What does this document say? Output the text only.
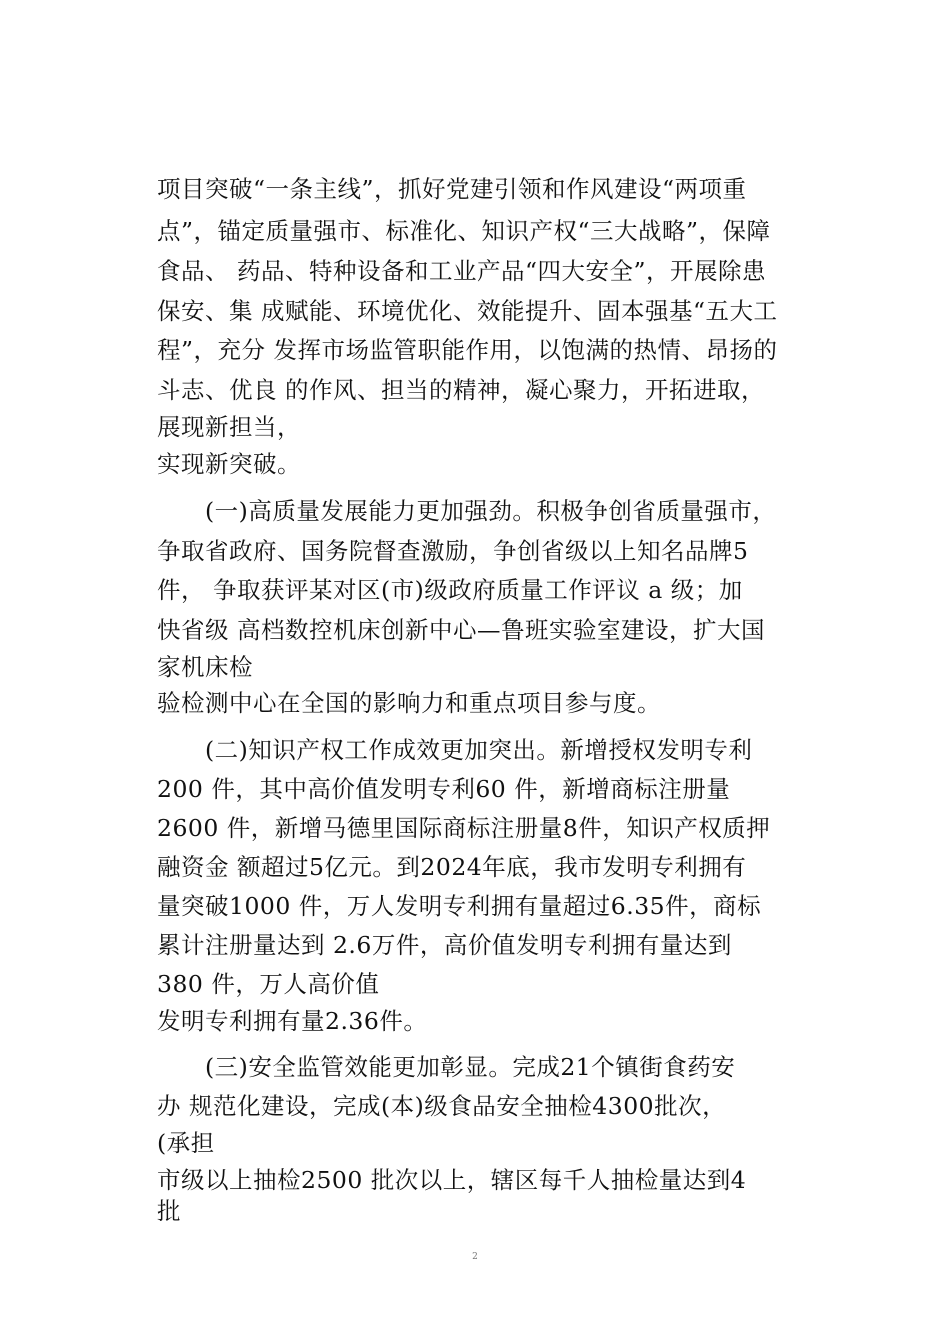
项目突破“一条主线”，抓好党建引领和作风建设“两项重
点”，锚定质量强市、标准化、知识产权“三大战略”，保障
食品、 药品、特种设备和工业产品“四大安全”，开展除患
保安、集 成赋能、环境优化、效能提升、固本强基“五大工
程”，充分 发挥市场监管职能作用，以饱满的热情、昂扬的
斗志、优良 的作风、担当的精神，凝心聚力，开拓进取，
展现新担当，
实现新突破。
(一)高质量发展能力更加强劲。积极争创省质量强市，
争取省政府、国务院督查激励，争创省级以上知名品牌5
件， 争取获评某对区(市)级政府质量工作评议 a 级；加
快省级 高档数控机床创新中心—鲁班实验室建设，扩大国
家机床检
验检测中心在全国的影响力和重点项目参与度。
(二)知识产权工作成效更加突出。新增授权发明专利
200 件，其中高价值发明专利60 件，新增商标注册量
2600 件，新增马德里国际商标注册量8件，知识产权质押
融资金 额超过5亿元。到2024年底，我市发明专利拥有
量突破1000 件，万人发明专利拥有量超过6.35件，商标
累计注册量达到 2.6万件，高价值发明专利拥有量达到
380 件，万人高价值
发明专利拥有量2.36件。
(三)安全监管效能更加彰显。完成21个镇街食药安
办 规范化建设，完成(本)级食品安全抽检4300批次，
(承担
市级以上抽检2500 批次以上，辖区每千人抽检量达到4
批
2
